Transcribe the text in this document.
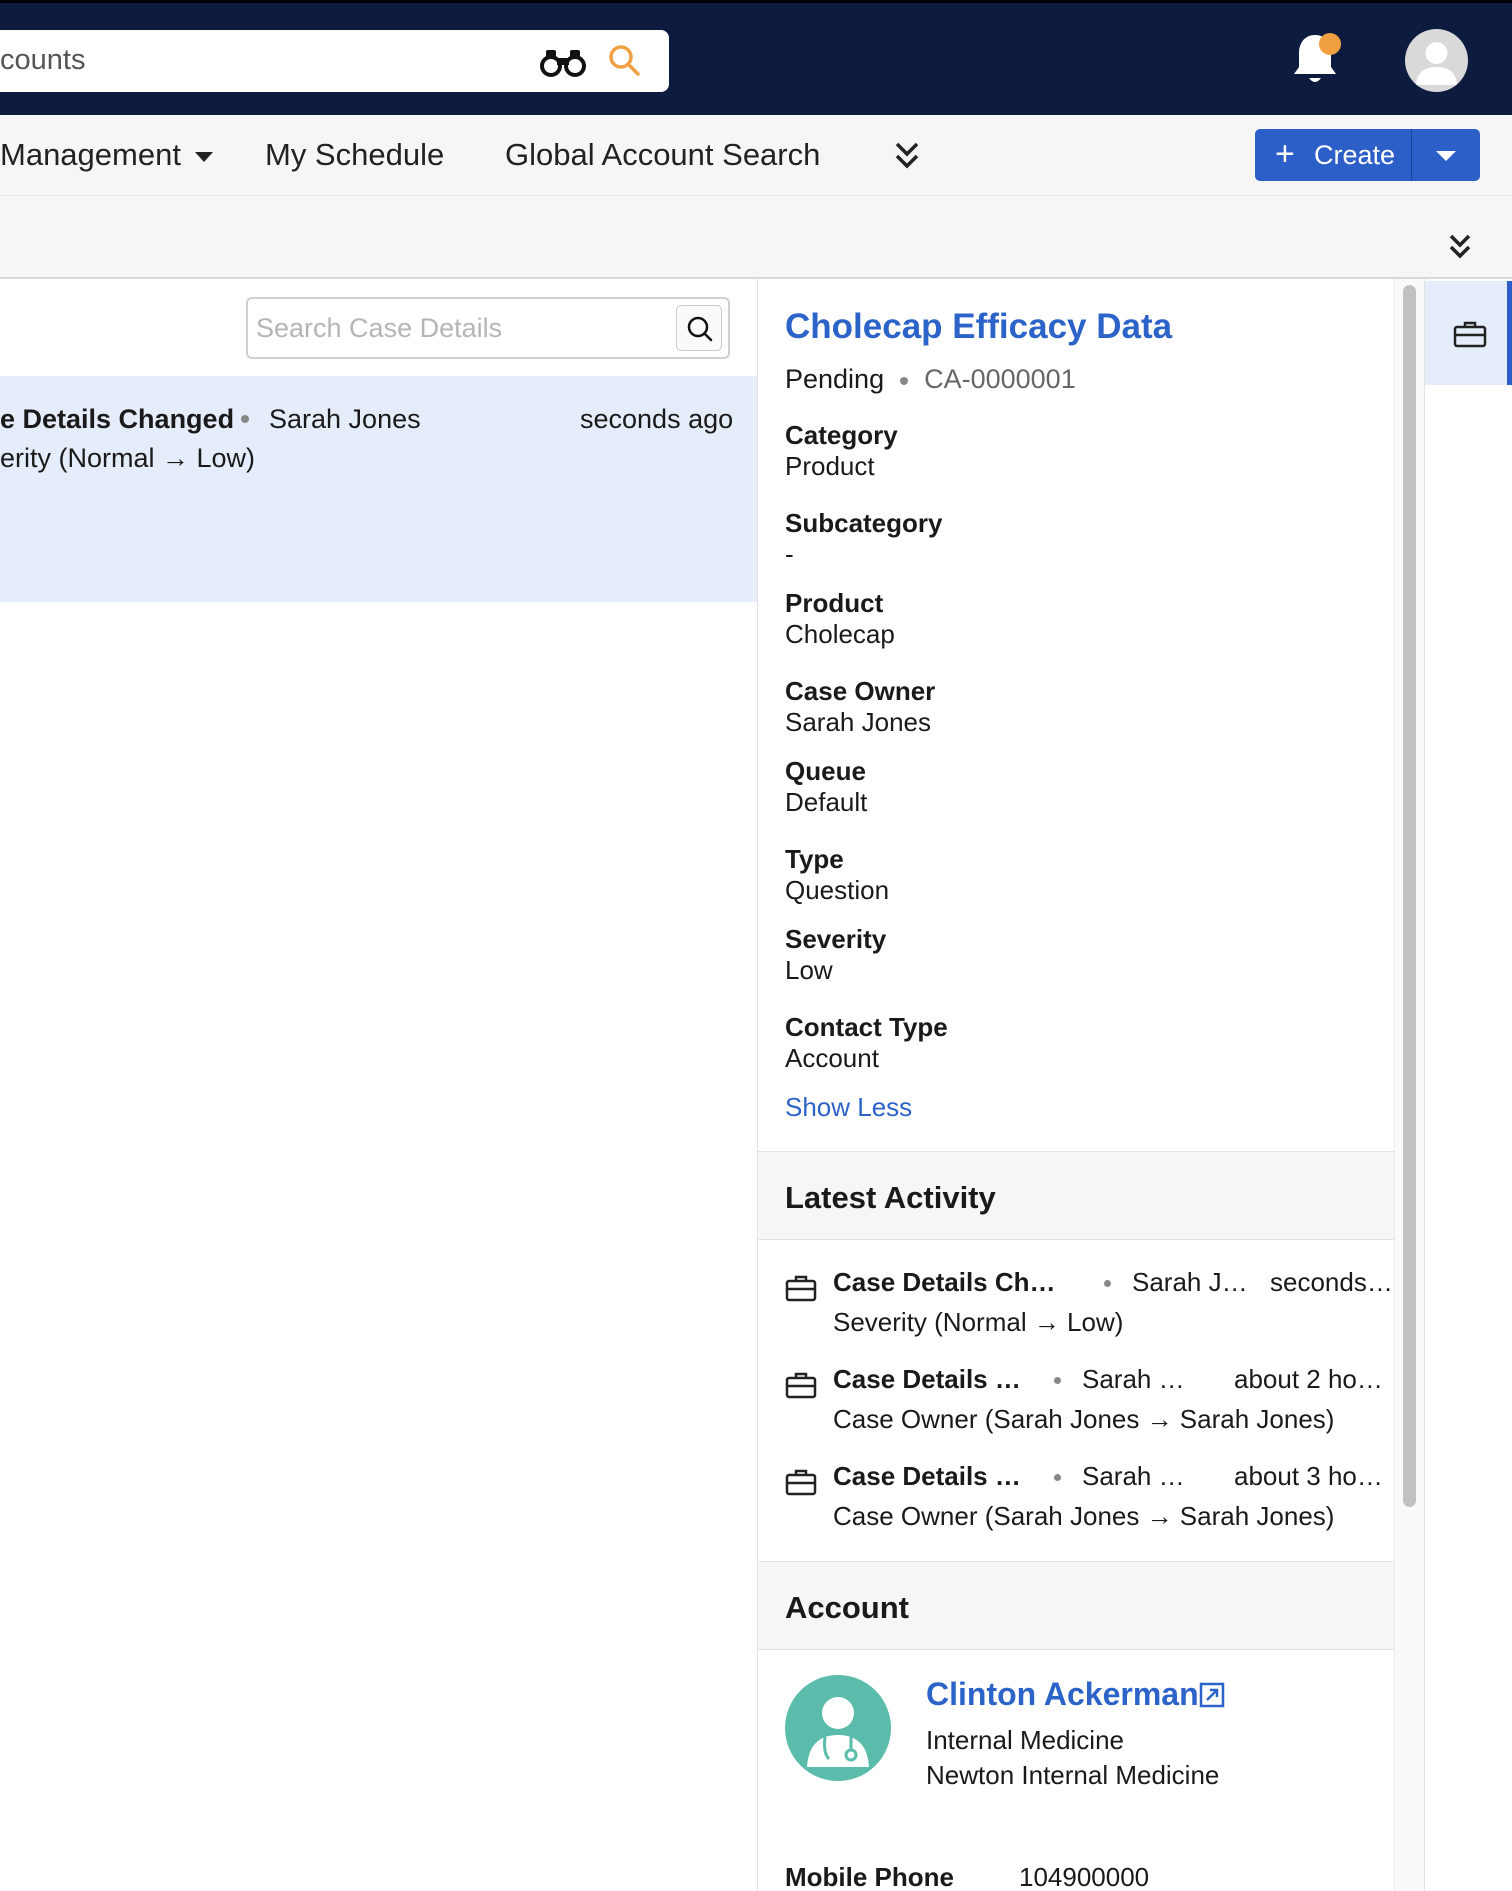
counts
Management	My Schedule Global Account Search	+ Create
Search Case Details
e Details Changed Sarah Jones	seconds ago
erity (Normal → Low)
Cholecap Efficacy Data
Pending CA-0000001
Category
Product
Subcategory
-
Product
Cholecap
Case Owner
Sarah Jones
Queue
Default
Type
Question
Severity
Low
Contact Type
Account
Show Less
Latest Activity
Case Details Ch…	Sarah J… seconds…
Severity (Normal → Low)
Case Details … Sarah … about 2 ho…
Case Owner (Sarah Jones → Sarah Jones)
Case Details … Sarah … about 3 ho…
Case Owner (Sarah Jones → Sarah Jones)
Account
Clinton Ackerman
Internal Medicine
Newton Internal Medicine
Mobile Phone	104900000
